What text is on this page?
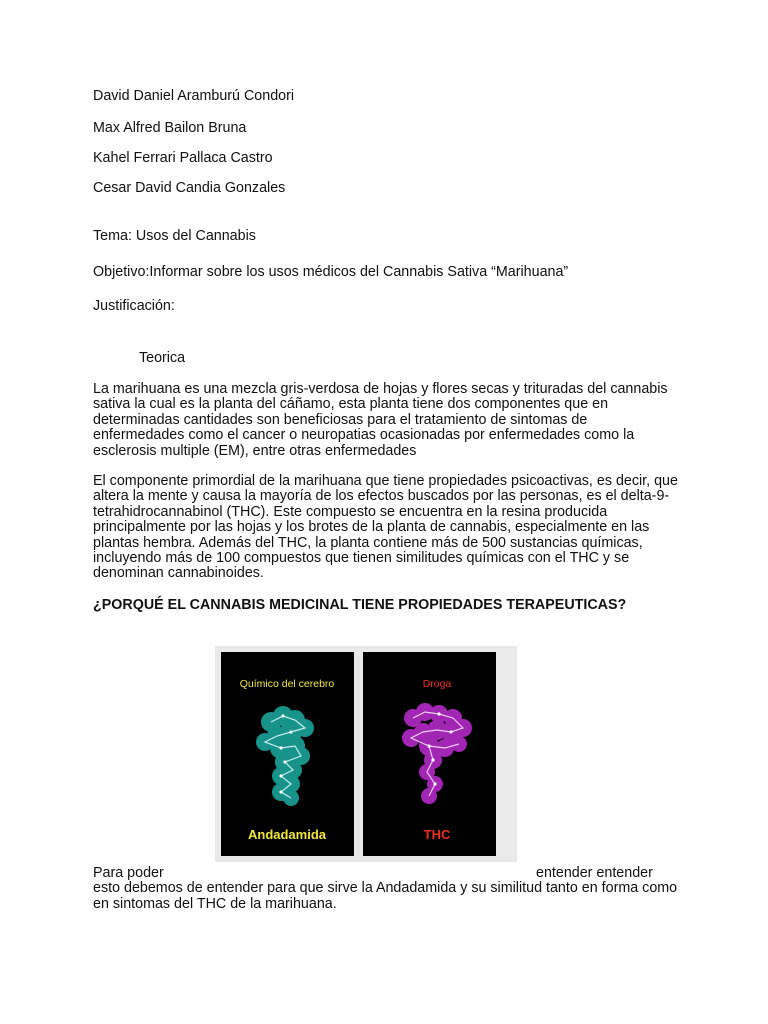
David Daniel Aramburú Condori
Max Alfred Bailon Bruna
Kahel Ferrari Pallaca Castro
Cesar David Candia Gonzales
Tema: Usos del Cannabis
Objetivo:Informar sobre los usos médicos del Cannabis Sativa “Marihuana”
Justificación:
Teorica
La marihuana es una mezcla gris-verdosa de hojas y flores secas y trituradas del cannabis
sativa la cual es la planta del cáñamo, esta planta tiene dos componentes que en
determinadas cantidades son beneficiosas para el tratamiento de sintomas de
enfermedades como el cancer o neuropatias ocasionadas por enfermedades como la
esclerosis multiple (EM), entre otras enfermedades
El componente primordial de la marihuana que tiene propiedades psicoactivas, es decir, que
altera la mente y causa la mayoría de los efectos buscados por las personas, es el delta-9-
tetrahidrocannabinol (THC). Este compuesto se encuentra en la resina producida
principalmente por las hojas y los brotes de la planta de cannabis, especialmente en las
plantas hembra. Además del THC, la planta contiene más de 500 sustancias químicas,
incluyendo más de 100 compuestos que tienen similitudes químicas con el THC y se
denominan cannabinoides.
¿PORQUÉ EL CANNABIS MEDICINAL TIENE PROPIEDADES TERAPEUTICAS?
Químico del cerebro
Andadamida
Droga
THC
Para poder	entender entender
esto debemos de entender para que sirve la Andadamida y su similitud tanto en forma como
en sintomas del THC de la marihuana.
